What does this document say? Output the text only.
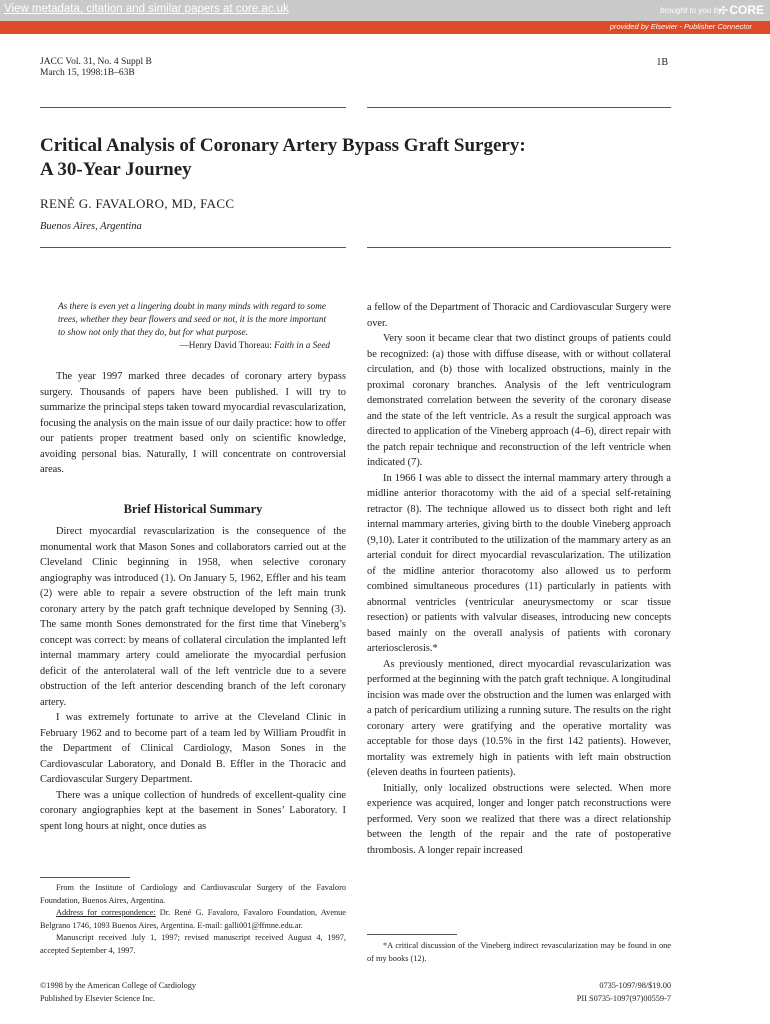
View metadata, citation and similar papers at core.ac.uk	brought to you by
✣ CORE
provided by Elsevier - Publisher Connector
JACC Vol. 31, No. 4 Suppl B
March 15, 1998:1B–63B
1B
Critical Analysis of Coronary Artery Bypass Graft Surgery:
A 30-Year Journey
RENÉ G. FAVALORO, MD, FACC
Buenos Aires, Argentina
As there is even yet a lingering doubt in many minds with regard to some trees, whether they bear flowers and seed or not, it is the more important to show not only that they do, but for what purpose.
—Henry David Thoreau: Faith in a Seed

The year 1997 marked three decades of coronary artery bypass surgery. Thousands of papers have been published. I will try to summarize the principal steps taken toward myocardial revascularization, focusing the analysis on the main issue of our daily practice: how to offer our patients proper treatment based only on scientific knowledge, avoiding personal bias. Naturally, I will concentrate on controversial areas.

Brief Historical Summary

Direct myocardial revascularization is the consequence of the monumental work that Mason Sones and collaborators carried out at the Cleveland Clinic beginning in 1958, when selective coronary angiography was introduced (1). On January 5, 1962, Effler and his team (2) were able to repair a severe obstruction of the left main trunk coronary artery by the patch graft technique developed by Senning (3). The same month Sones demonstrated for the first time that Vineberg’s concept was correct: by means of collateral circulation the implanted left internal mammary artery could ameliorate the myocardial perfusion deficit of the anterolateral wall of the left ventricle due to a severe obstruction of the left anterior descending branch of the left coronary artery.

I was extremely fortunate to arrive at the Cleveland Clinic in February 1962 and to become part of a team led by William Proudfit in the Department of Clinical Cardiology, Mason Sones in the Cardiovascular Laboratory, and Donald B. Effler in the Thoracic and Cardiovascular Surgery Department.

There was a unique collection of hundreds of excellent-quality cine coronary angiographies kept at the basement in Sones’ Laboratory. I spent long hours at night, once duties as

a fellow of the Department of Thoracic and Cardiovascular Surgery were over.

Very soon it became clear that two distinct groups of patients could be recognized: (a) those with diffuse disease, with or without collateral circulation, and (b) those with localized obstructions, mainly in the proximal coronary branches. Analysis of the left ventriculogram demonstrated correlation between the severity of the coronary disease and the state of the left ventricle. As a result the surgical approach was directed to application of the Vineberg approach (4–6), direct repair with the patch repair technique and reconstruction of the left ventricle when indicated (7).

In 1966 I was able to dissect the internal mammary artery through a midline anterior thoracotomy with the aid of a special self-retaining retractor (8). The technique allowed us to dissect both right and left internal mammary arteries, giving birth to the double Vineberg approach (9,10). Later it contributed to the utilization of the mammary artery as an arterial conduit for direct myocardial revascularization. The utilization of the midline anterior thoracotomy also allowed us to perform combined simultaneous procedures (11) particularly in patients with abnormal ventricles (ventricular aneurysmectomy or scar tissue resection) or patients with valvular diseases, introducing new concepts based mainly on the overall analysis of patients with coronary arteriosclerosis.*

As previously mentioned, direct myocardial revascularization was performed at the beginning with the patch graft technique. A longitudinal incision was made over the obstruction and the lumen was enlarged with a patch of pericardium utilizing a running suture. The results on the right coronary artery were gratifying and the operative mortality was acceptable for those days (10.5% in the first 142 patients). However, mortality was extremely high in patients with left main obstruction (eleven deaths in fourteen patients).

Initially, only localized obstructions were selected. When more experience was acquired, longer and longer patch reconstructions were performed. Very soon we realized that there was a direct relationship between the length of the repair and the rate of postoperative thrombosis. A longer repair increased

From the Institute of Cardiology and Cardiovascular Surgery of the Favaloro Foundation, Buenos Aires, Argentina.

Address for correspondence: Dr. René G. Favaloro, Favaloro Foundation, Avenue Belgrano 1746, 1093 Buenos Aires, Argentina. E-mail: galli001@ffmne.edu.ar.

Manuscript received July 1, 1997; revised manuscript received August 4, 1997, accepted September 4, 1997.	*A critical discussion of the Vineberg indirect revascularization may be found in one of my books (12).

©1998 by the American College of Cardiology
Published by Elsevier Science Inc.
0735-1097/98/$19.00
PII S0735-1097(97)00559-7
